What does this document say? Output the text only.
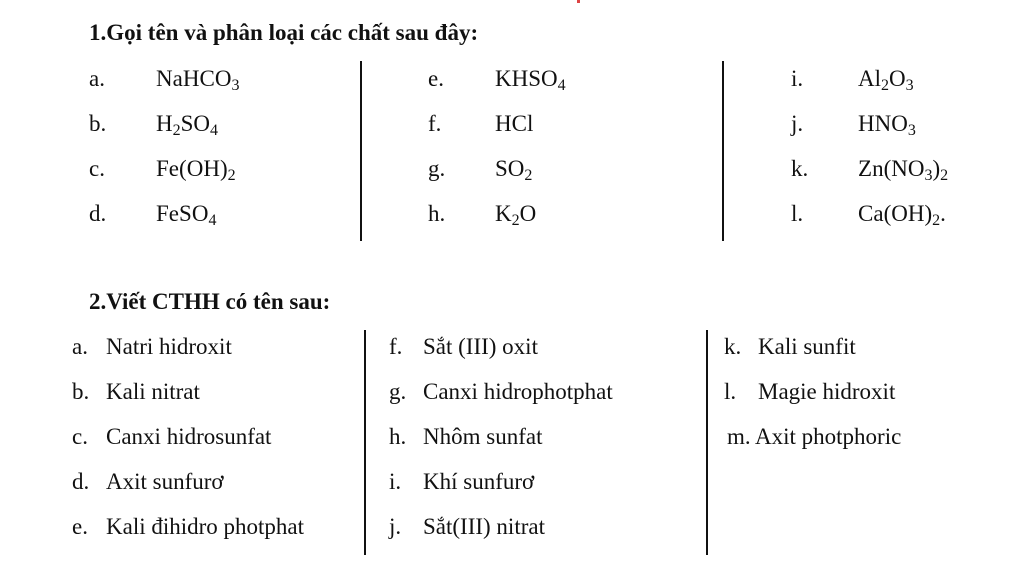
1.Gọi tên và phân loại các chất sau đây:
a. NaHCO$_3$
b. $H_2SO_4$
c. $Fe(OH)_2$
d. FeSO$_4$
e. $KHSO_4$
f. HCl
g. $SO_2$
h. $K_2O$
i. $Al_2O_3$
j. $HNO_3$
k. $Zn(NO_3)_2$
l. $Ca(OH)_2$.
2.Viết CTHH có tên sau:
a. Natri hidroxit
b. Kali nitrat
c. Canxi hidrosunfat
d. Axit sunfurơ
e. Kali đihidro photphat
f. Sắt (III) oxit
g. Canxi hidrophotphat
h. Nhôm sunfat
i. Khí sunfurơ
j. Sắt(III) nitrat
k. Kali sunfit
l. Magie hidroxit
m. Axit photphoric
